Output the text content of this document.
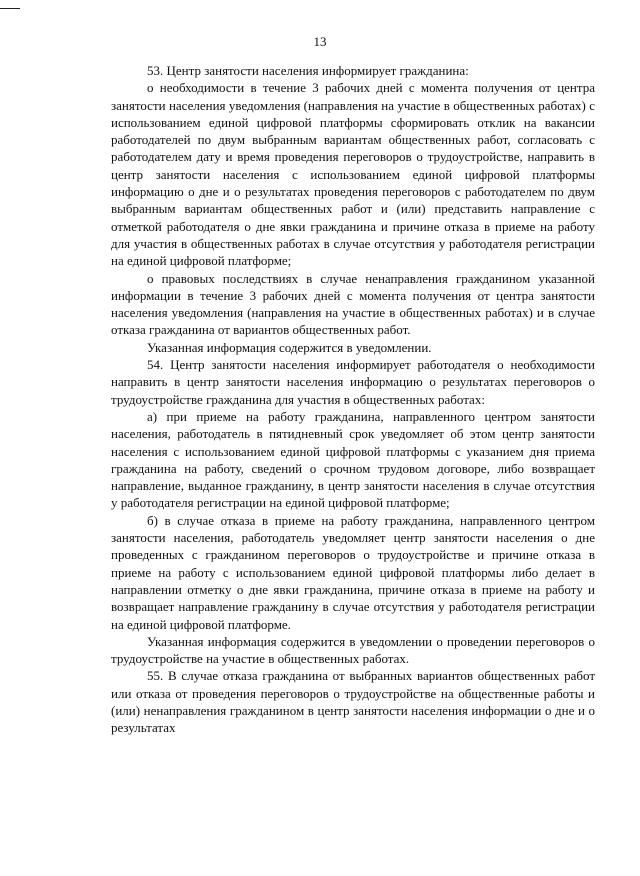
13

53. Центр занятости населения информирует гражданина:

о необходимости в течение 3 рабочих дней с момента получения от центра занятости населения уведомления (направления на участие в общественных работах) с использованием единой цифровой платформы сформировать отклик на вакансии работодателей по двум выбранным вариантам общественных работ, согласовать с работодателем дату и время проведения переговоров о трудоустройстве, направить в центр занятости населения с использованием единой цифровой платформы информацию о дне и о результатах проведения переговоров с работодателем по двум выбранным вариантам общественных работ и (или) представить направление с отметкой работодателя о дне явки гражданина и причине отказа в приеме на работу для участия в общественных работах в случае отсутствия у работодателя регистрации на единой цифровой платформе;

о правовых последствиях в случае ненаправления гражданином указанной информации в течение 3 рабочих дней с момента получения от центра занятости населения уведомления (направления на участие в общественных работах) и в случае отказа гражданина от вариантов общественных работ.

Указанная информация содержится в уведомлении.

54. Центр занятости населения информирует работодателя о необходимости направить в центр занятости населения информацию о результатах переговоров о трудоустройстве гражданина для участия в общественных работах:

а) при приеме на работу гражданина, направленного центром занятости населения, работодатель в пятидневный срок уведомляет об этом центр занятости населения с использованием единой цифровой платформы с указанием дня приема гражданина на работу, сведений о срочном трудовом договоре, либо возвращает направление, выданное гражданину, в центр занятости населения в случае отсутствия у работодателя регистрации на единой цифровой платформе;

б) в случае отказа в приеме на работу гражданина, направленного центром занятости населения, работодатель уведомляет центр занятости населения о дне проведенных с гражданином переговоров о трудоустройстве и причине отказа в приеме на работу с использованием единой цифровой платформы либо делает в направлении отметку о дне явки гражданина, причине отказа в приеме на работу и возвращает направление гражданину в случае отсутствия у работодателя регистрации на единой цифровой платформе.

Указанная информация содержится в уведомлении о проведении переговоров о трудоустройстве на участие в общественных работах.

55. В случае отказа гражданина от выбранных вариантов общественных работ или отказа от проведения переговоров о трудоустройстве на общественные работы и (или) ненаправления гражданином в центр занятости населения информации о дне и о результатах
